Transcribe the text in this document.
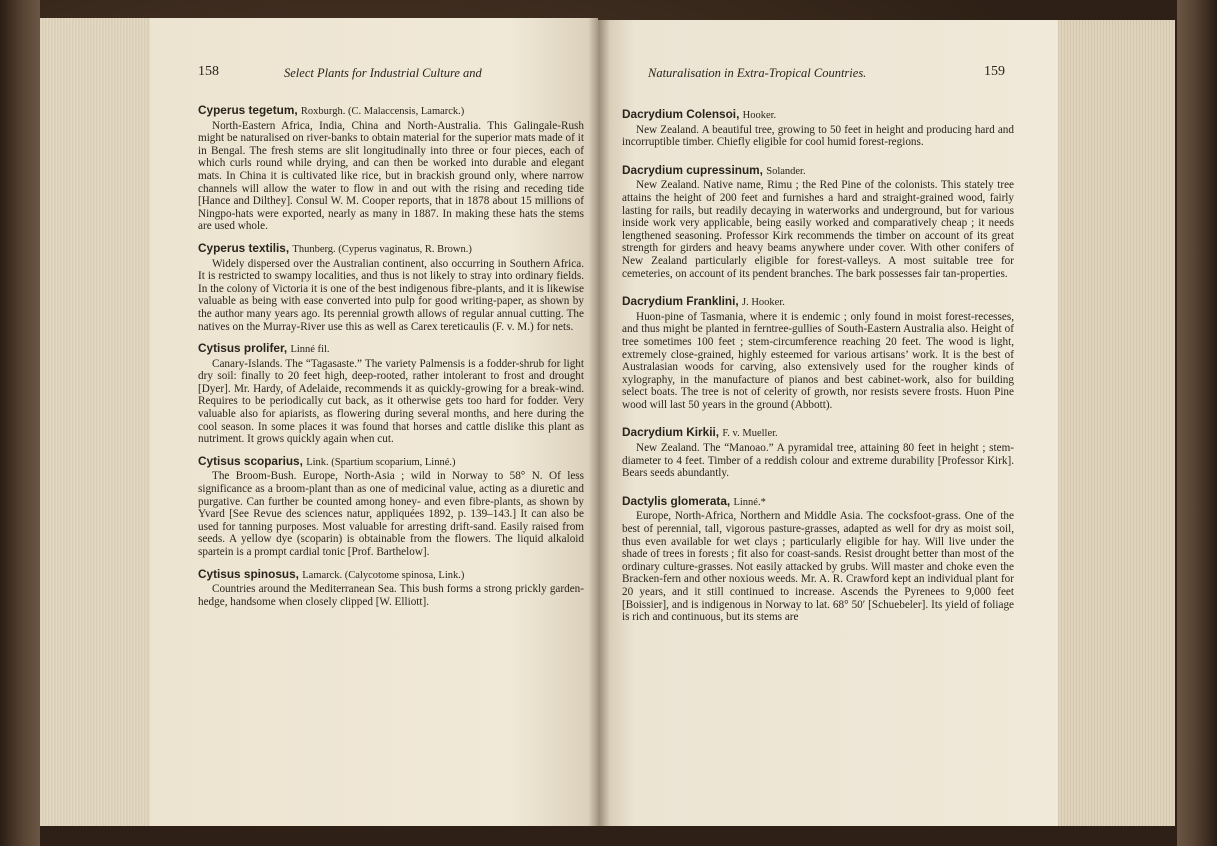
158	Select Plants for Industrial Culture and	Naturalisation in Extra-Tropical Countries.	159
Cyperus tegetum, Roxburgh. (C. Malaccensis, Lamarck.)
North-Eastern Africa, India, China and North-Australia. This Galingale-Rush might be naturalised on river-banks to obtain material for the superior mats made of it in Bengal. The fresh stems are slit longitudinally into three or four pieces, each of which curls round while drying, and can then be worked into durable and elegant mats. In China it is cultivated like rice, but in brackish ground only, where narrow channels will allow the water to flow in and out with the rising and receding tide [Hance and Dilthey]. Consul W. M. Cooper reports, that in 1878 about 15 millions of Ningpo-hats were exported, nearly as many in 1887. In making these hats the stems are used whole.
Cyperus textilis, Thunberg. (Cyperus vaginatus, R. Brown.)
Widely dispersed over the Australian continent, also occurring in Southern Africa. It is restricted to swampy localities, and thus is not likely to stray into ordinary fields. In the colony of Victoria it is one of the best indigenous fibre-plants, and it is likewise valuable as being with ease converted into pulp for good writing-paper, as shown by the author many years ago. Its perennial growth allows of regular annual cutting. The natives on the Murray-River use this as well as Carex tereticaulis (F. v. M.) for nets.
Cytisus prolifer, Linné fil.
Canary-Islands. The “Tagasaste.” The variety Palmensis is a fodder-shrub for light dry soil: finally to 20 feet high, deep-rooted, rather intolerant to frost and drought [Dyer]. Mr. Hardy, of Adelaide, recommends it as quickly-growing for a break-wind. Requires to be periodically cut back, as it otherwise gets too hard for fodder. Very valuable also for apiarists, as flowering during several months, and here during the cool season. In some places it was found that horses and cattle dislike this plant as nutriment. It grows quickly again when cut.
Cytisus scoparius, Link. (Spartium scoparium, Linné.)
The Broom-Bush. Europe, North-Asia ; wild in Norway to 58° N. Of less significance as a broom-plant than as one of medicinal value, acting as a diuretic and purgative. Can further be counted among honey- and even fibre-plants, as shown by Yvard [See Revue des sciences natur, appliquées 1892, p. 139–143.] It can also be used for tanning purposes. Most valuable for arresting drift-sand. Easily raised from seeds. A yellow dye (scoparin) is obtainable from the flowers. The liquid alkaloid spartein is a prompt cardial tonic [Prof. Barthelow].
Cytisus spinosus, Lamarck. (Calycotome spinosa, Link.)
Countries around the Mediterranean Sea. This bush forms a strong prickly garden-hedge, handsome when closely clipped [W. Elliott].
Dacrydium Colensoi, Hooker.
New Zealand. A beautiful tree, growing to 50 feet in height and producing hard and incorruptible timber. Chiefly eligible for cool humid forest-regions.
Dacrydium cupressinum, Solander.
New Zealand. Native name, Rimu ; the Red Pine of the colonists. This stately tree attains the height of 200 feet and furnishes a hard and straight-grained wood, fairly lasting for rails, but readily decaying in waterworks and underground, but for various inside work very applicable, being easily worked and comparatively cheap ; it needs lengthened seasoning. Professor Kirk recommends the timber on account of its great strength for girders and heavy beams anywhere under cover. With other conifers of New Zealand particularly eligible for forest-valleys. A most suitable tree for cemeteries, on account of its pendent branches. The bark possesses fair tan-properties.
Dacrydium Franklini, J. Hooker.
Huon-pine of Tasmania, where it is endemic ; only found in moist forest-recesses, and thus might be planted in ferntree-gullies of South-Eastern Australia also. Height of tree sometimes 100 feet ; stem-circumference reaching 20 feet. The wood is light, extremely close-grained, highly esteemed for various artisans’ work. It is the best of Australasian woods for carving, also extensively used for the rougher kinds of xylography, in the manufacture of pianos and best cabinet-work, also for building select boats. The tree is not of celerity of growth, nor resists severe frosts. Huon Pine wood will last 50 years in the ground (Abbott).
Dacrydium Kirkii, F. v. Mueller.
New Zealand. The “Manoao.” A pyramidal tree, attaining 80 feet in height ; stem-diameter to 4 feet. Timber of a reddish colour and extreme durability [Professor Kirk]. Bears seeds abundantly.
Dactylis glomerata, Linné.*
Europe, North-Africa, Northern and Middle Asia. The cocksfoot-grass. One of the best of perennial, tall, vigorous pasture-grasses, adapted as well for dry as moist soil, thus even available for wet clays ; particularly eligible for hay. Will live under the shade of trees in forests ; fit also for coast-sands. Resist drought better than most of the ordinary culture-grasses. Not easily attacked by grubs. Will master and choke even the Bracken-fern and other noxious weeds. Mr. A. R. Crawford kept an individual plant for 20 years, and it still continued to increase. Ascends the Pyrenees to 9,000 feet [Boissier], and is indigenous in Norway to lat. 68° 50′ [Schuebeler]. Its yield of foliage is rich and continuous, but its stems are
